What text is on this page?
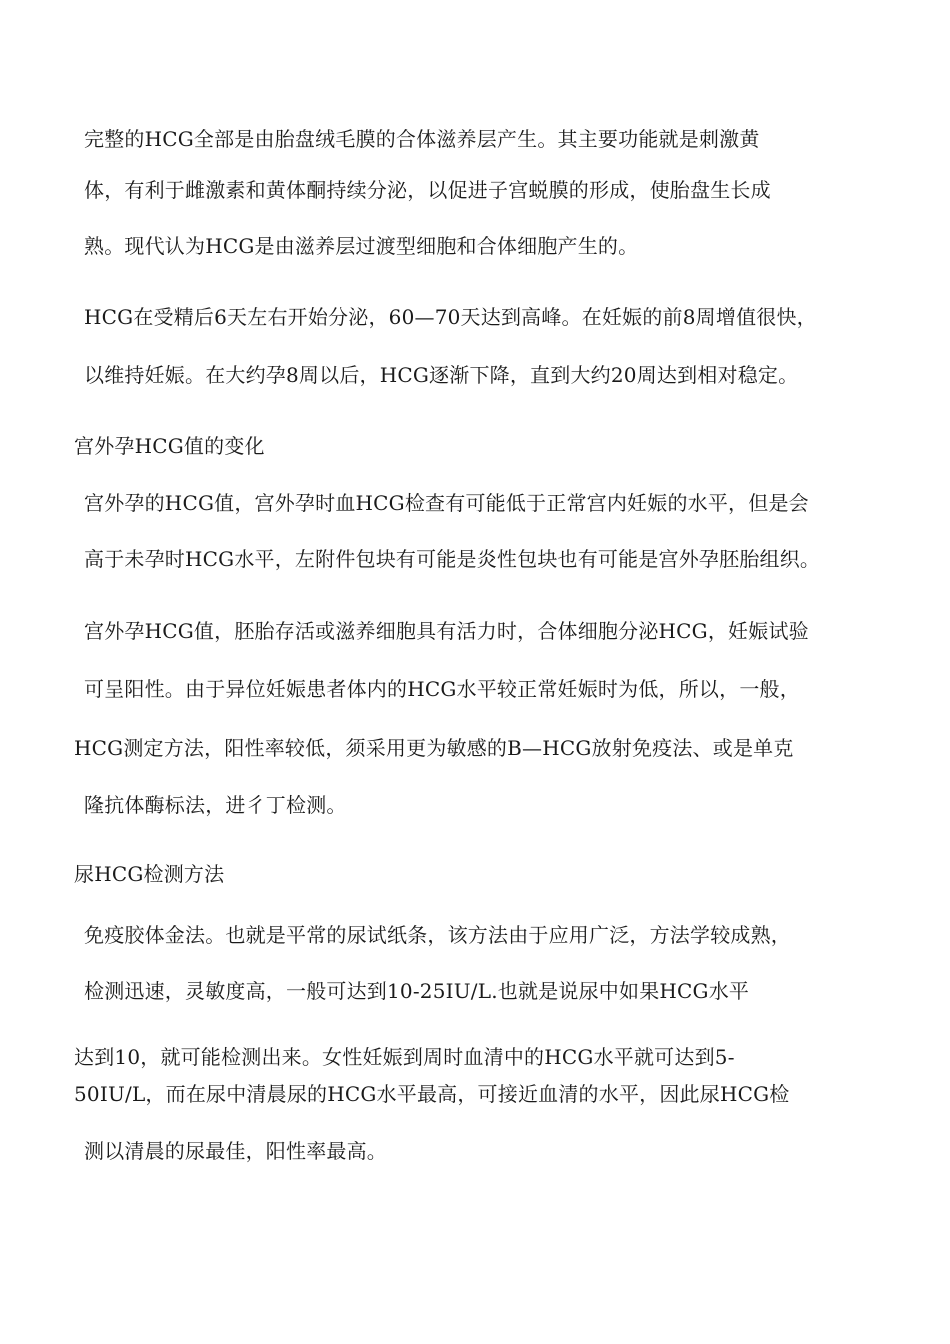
完整的HCG全部是由胎盘绒毛膜的合体滋养层产生。其主要功能就是刺激黄
体，有利于雌激素和黄体酮持续分泌，以促进子宫蜕膜的形成，使胎盘生长成
熟。现代认为HCG是由滋养层过渡型细胞和合体细胞产生的。
HCG在受精后6天左右开始分泌，60—70天达到高峰。在妊娠的前8周增值很快，
以维持妊娠。在大约孕8周以后，HCG逐渐下降，直到大约20周达到相对稳定。
宫外孕HCG值的变化
宫外孕的HCG值，宫外孕时血HCG检查有可能低于正常宫内妊娠的水平，但是会
高于未孕时HCG水平，左附件包块有可能是炎性包块也有可能是宫外孕胚胎组织。
宫外孕HCG值，胚胎存活或滋养细胞具有活力时，合体细胞分泌HCG，妊娠试验
可呈阳性。由于异位妊娠患者体内的HCG水平较正常妊娠时为低，所以，一般，
HCG测定方法，阳性率较低，须采用更为敏感的B—HCG放射免疫法、或是单克
隆抗体酶标法，进彳丁检测。
尿HCG检测方法
免疫胶体金法。也就是平常的尿试纸条，该方法由于应用广泛，方法学较成熟，
检测迅速，灵敏度高，一般可达到10-25IU/L.也就是说尿中如果HCG水平
达到10，就可能检测出来。女性妊娠到周时血清中的HCG水平就可达到5-
50IU/L，而在尿中清晨尿的HCG水平最高，可接近血清的水平，因此尿HCG检
测以清晨的尿最佳，阳性率最高。
